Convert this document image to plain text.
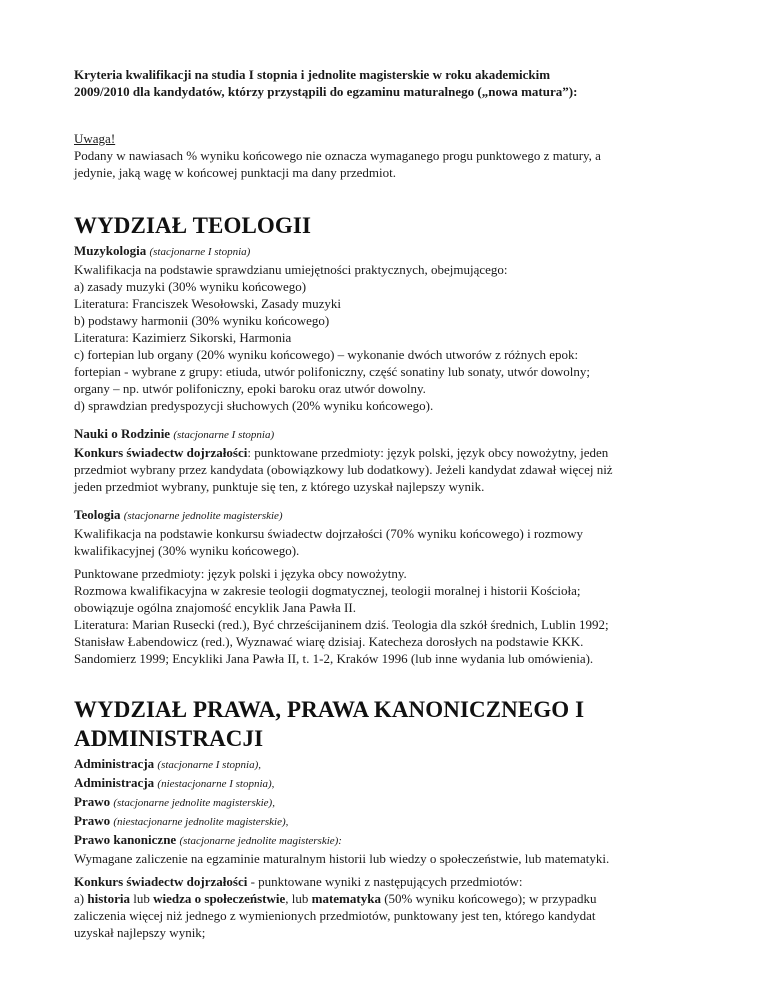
Kryteria kwalifikacji na studia I stopnia i jednolite magisterskie w roku akademickim
2009/2010 dla kandydatów, którzy przystąpili do egzaminu maturalnego („nowa matura”):

Uwaga!
Podany w nawiasach % wyniku końcowego nie oznacza wymaganego progu punktowego z matury, a
jedynie, jaką wagę w końcowej punktacji ma dany przedmiot.

WYDZIAŁ TEOLOGII

Muzykologia (stacjonarne I stopnia)
Kwalifikacja na podstawie sprawdzianu umiejętności praktycznych, obejmującego:
a) zasady muzyki (30% wyniku końcowego)
Literatura: Franciszek Wesołowski, Zasady muzyki
b) podstawy harmonii (30% wyniku końcowego)
Literatura: Kazimierz Sikorski, Harmonia
c) fortepian lub organy (20% wyniku końcowego) – wykonanie dwóch utworów z różnych epok:
fortepian - wybrane z grupy: etiuda, utwór polifoniczny, część sonatiny lub sonaty, utwór dowolny;
organy – np. utwór polifoniczny, epoki baroku oraz utwór dowolny.
d) sprawdzian predyspozycji słuchowych (20% wyniku końcowego).

Nauki o Rodzinie (stacjonarne I stopnia)
Konkurs świadectw dojrzałości: punktowane przedmioty: język polski, język obcy nowożytny, jeden
przedmiot wybrany przez kandydata (obowiązkowy lub dodatkowy). Jeżeli kandydat zdawał więcej niż
jeden przedmiot wybrany, punktuje się ten, z którego uzyskał najlepszy wynik.

Teologia (stacjonarne jednolite magisterskie)
Kwalifikacja na podstawie konkursu świadectw dojrzałości (70% wyniku końcowego) i rozmowy
kwalifikacyjnej (30% wyniku końcowego).

Punktowane przedmioty: język polski i języka obcy nowożytny.
Rozmowa kwalifikacyjna w zakresie teologii dogmatycznej, teologii moralnej i historii Kościoła;
obowiązuje ogólna znajomość encyklik Jana Pawła II.
Literatura: Marian Rusecki (red.), Być chrześcijaninem dziś. Teologia dla szkół średnich, Lublin 1992;
Stanisław Łabendowicz (red.), Wyznawać wiarę dzisiaj. Katecheza dorosłych na podstawie KKK.
Sandomierz 1999; Encykliki Jana Pawła II, t. 1-2, Kraków 1996 (lub inne wydania lub omówienia).

WYDZIAŁ PRAWA, PRAWA KANONICZNEGO I
ADMINISTRACJI

Administracja (stacjonarne I stopnia),
Administracja (niestacjonarne I stopnia),
Prawo (stacjonarne jednolite magisterskie),
Prawo (niestacjonarne jednolite magisterskie),
Prawo kanoniczne (stacjonarne jednolite magisterskie):
Wymagane zaliczenie na egzaminie maturalnym historii lub wiedzy o społeczeństwie, lub matematyki.

Konkurs świadectw dojrzałości - punktowane wyniki z następujących przedmiotów:
a) historia lub wiedza o społeczeństwie, lub matematyka (50% wyniku końcowego); w przypadku
zaliczenia więcej niż jednego z wymienionych przedmiotów, punktowany jest ten, którego kandydat
uzyskał najlepszy wynik;
